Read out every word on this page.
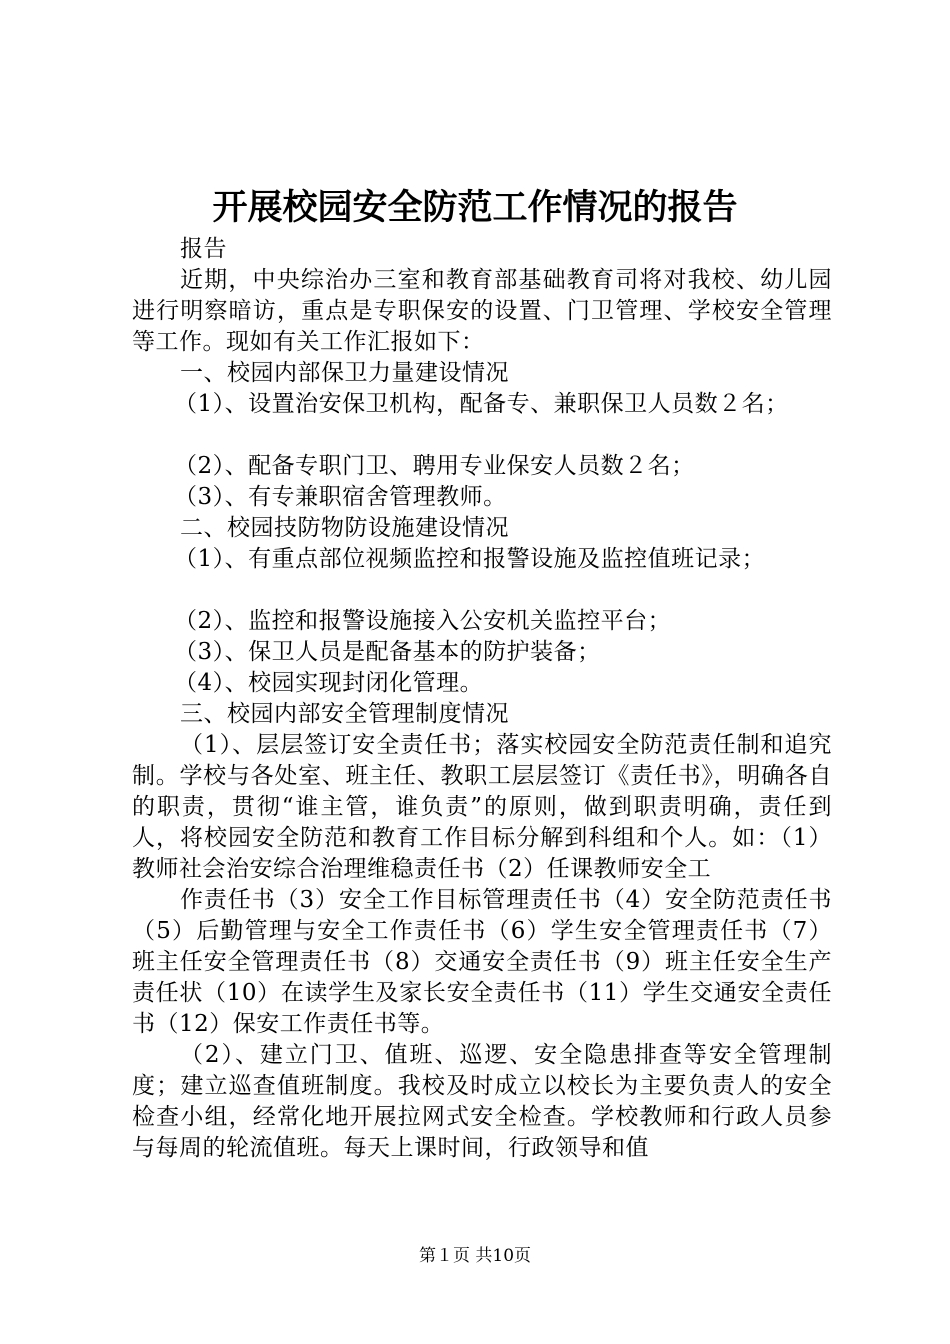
开展校园安全防范工作情况的报告

报告

近期，中央综治办三室和教育部基础教育司将对我校、幼儿园进行明察暗访，重点是专职保安的设置、门卫管理、学校安全管理等工作。现如有关工作汇报如下：

一、校园内部保卫力量建设情况

（1）、设置治安保卫机构，配备专、兼职保卫人员数２名；

（2）、配备专职门卫、聘用专业保安人员数２名；

（3）、有专兼职宿舍管理教师。

二、校园技防物防设施建设情况

（1）、有重点部位视频监控和报警设施及监控值班记录；

（2）、监控和报警设施接入公安机关监控平台；

（3）、保卫人员是配备基本的防护装备；

（4）、校园实现封闭化管理。

三、校园内部安全管理制度情况

（1）、层层签订安全责任书；落实校园安全防范责任制和追究制。学校与各处室、班主任、教职工层层签订《责任书》，明确各自的职责，贯彻“谁主管，谁负责”的原则，做到职责明确，责任到人，将校园安全防范和教育工作目标分解到科组和个人。如：（1）教师社会治安综合治理维稳责任书（2）任课教师安全工

作责任书（3）安全工作目标管理责任书（4）安全防范责任书（5）后勤管理与安全工作责任书（6）学生安全管理责任书（7）班主任安全管理责任书（8）交通安全责任书（9）班主任安全生产责任状（10）在读学生及家长安全责任书（11）学生交通安全责任书（12）保安工作责任书等。

（2）、建立门卫、值班、巡逻、安全隐患排查等安全管理制度；建立巡查值班制度。我校及时成立以校长为主要负责人的安全检查小组，经常化地开展拉网式安全检查。学校教师和行政人员参与每周的轮流值班。每天上课时间，行政领导和值

第１页 共10页
